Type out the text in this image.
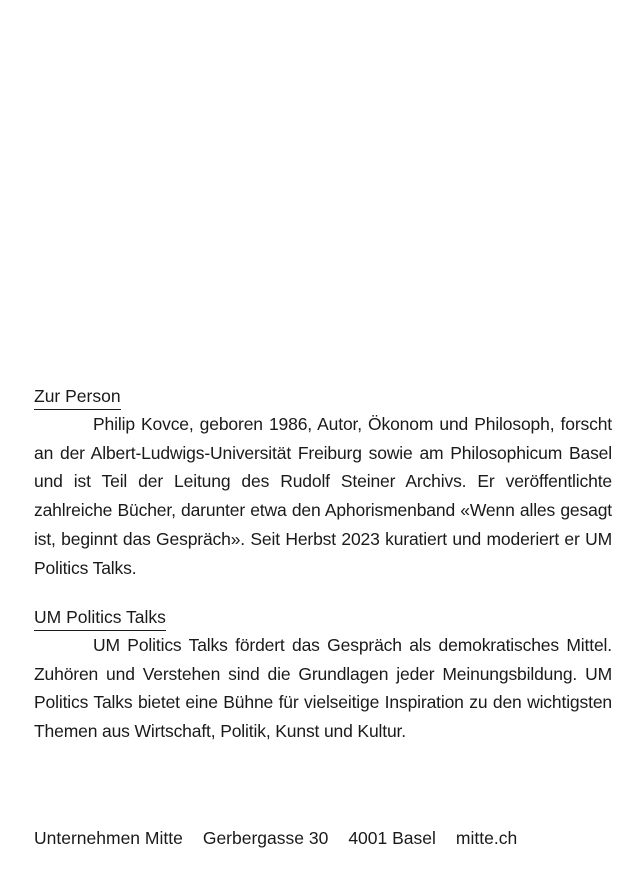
Zur Person

Philip Kovce, geboren 1986, Autor, Ökonom und Philosoph, forscht an der Albert-Ludwigs-Universität Freiburg sowie am Philosophicum Basel und ist Teil der Leitung des Rudolf Steiner Archivs. Er veröffentlichte zahlreiche Bücher, darunter etwa den Aphorismenband «Wenn alles gesagt ist, beginnt das Gespräch». Seit Herbst 2023 kuratiert und moderiert er UM Politics Talks.

UM Politics Talks

UM Politics Talks fördert das Gespräch als demokratisches Mittel. Zuhören und Verstehen sind die Grundlagen jeder Meinungsbildung. UM Politics Talks bietet eine Bühne für vielseitige Inspiration zu den wichtigsten Themen aus Wirtschaft, Politik, Kunst und Kultur.

Unternehmen Mitte Gerbergasse 30 4001 Basel mitte.ch
